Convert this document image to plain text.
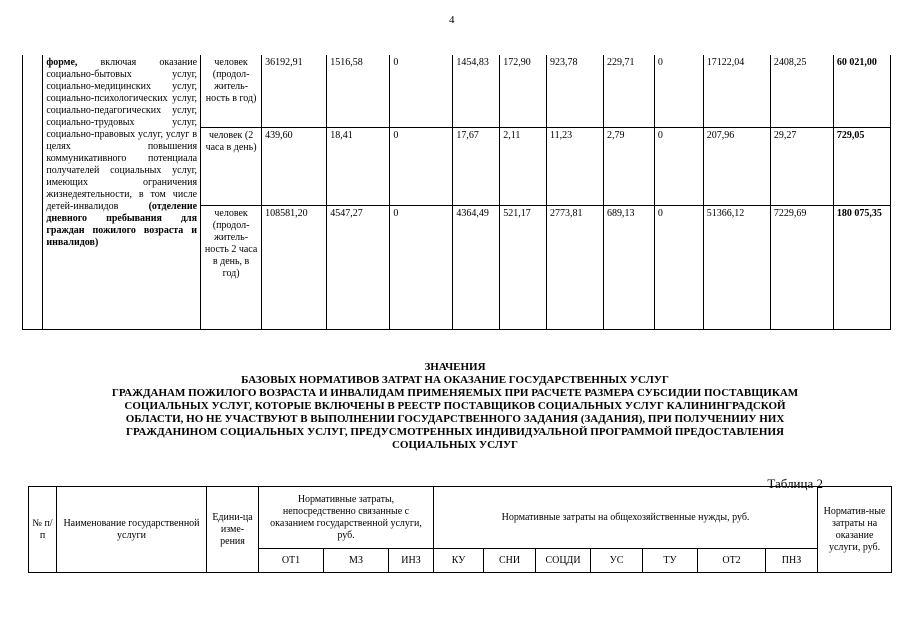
4
	форме, включая оказание социально-бытовых услуг, социально-медицинских услуг, социально-психологических услуг, социально-педагогических услуг, социально-трудовых услуг, социально-правовых услуг, услуг в целях повышения коммуникативного потенциала получателей социальных услуг, имеющих ограничения жизнедеятельности, в том числе детей-инвалидов (отделение дневного пребывания для граждан пожилого возраста и инвалидов)	человек (продол-житель-ность в год)	36192,91	1516,58	0	1454,83	172,90	923,78	229,71	0	17122,04	2408,25	60 021,00
		человек (2 часа в день)	439,60	18,41	0	17,67	2,11	11,23	2,79	0	207,96	29,27	729,05
		человек (продол-житель-ность 2 часа в день, в год)	108581,20	4547,27	0	4364,49	521,17	2773,81	689,13	0	51366,12	7229,69	180 075,35
ЗНАЧЕНИЯ
БАЗОВЫХ НОРМАТИВОВ ЗАТРАТ НА ОКАЗАНИЕ ГОСУДАРСТВЕННЫХ УСЛУГ
ГРАЖДАНАМ ПОЖИЛОГО ВОЗРАСТА И ИНВАЛИДАМ ПРИМЕНЯЕМЫХ ПРИ РАСЧЕТЕ РАЗМЕРА СУБСИДИИ ПОСТАВЩИКАМ
СОЦИАЛЬНЫХ УСЛУГ, КОТОРЫЕ ВКЛЮЧЕНЫ В РЕЕСТР ПОСТАВЩИКОВ СОЦИАЛЬНЫХ УСЛУГ КАЛИНИНГРАДСКОЙ
ОБЛАСТИ, НО НЕ УЧАСТВУЮТ В ВЫПОЛНЕНИИ ГОСУДАРСТВЕННОГО ЗАДАНИЯ (ЗАДАНИЯ), ПРИ ПОЛУЧЕНИИУ НИХ
ГРАЖДАНИНОМ СОЦИАЛЬНЫХ УСЛУГ, ПРЕДУСМОТРЕННЫХ ИНДИВИДУАЛЬНОЙ ПРОГРАММОЙ ПРЕДОСТАВЛЕНИЯ
СОЦИАЛЬНЫХ УСЛУГ
Таблица 2
№ п/п	Наименование государственной услуги	Едини-ца изме-рения	Нормативные затраты, непосредственно связанные с оказанием государственной услуги, руб.			Нормативные затраты на общехозяйственные нужды, руб.							Норматив-ные затраты на оказание услуги, руб.
			ОТ1	МЗ	ИНЗ	КУ	СНИ	СОЦДИ	УС	ТУ	ОТ2	ПНЗ	
